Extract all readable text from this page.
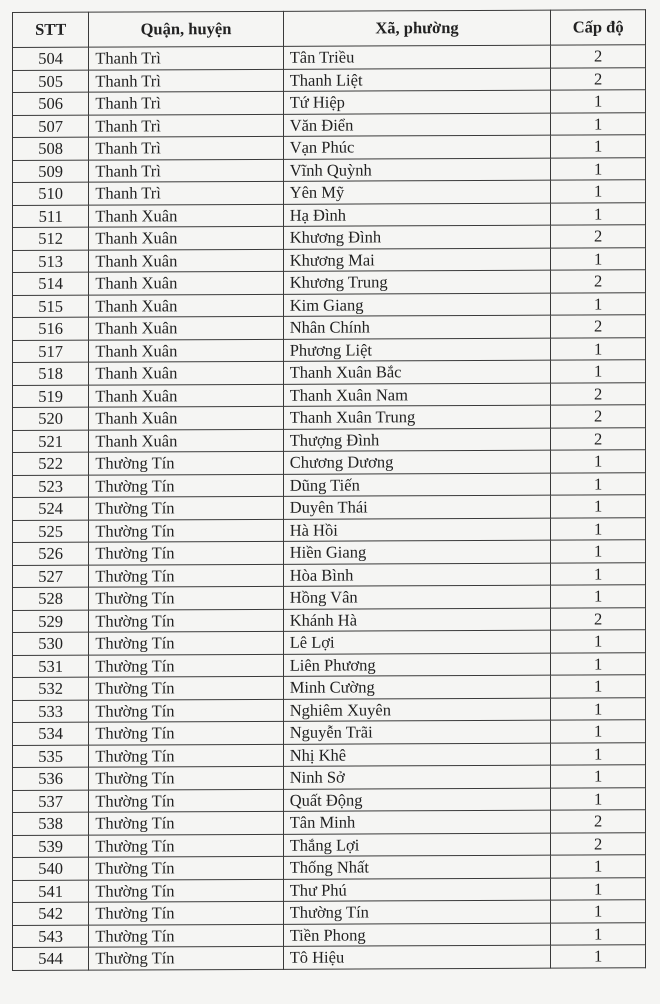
STT	Quận, huyện	Xã, phường	Cấp độ
504	Thanh Trì	Tân Triều	2
505	Thanh Trì	Thanh Liệt	2
506	Thanh Trì	Tứ Hiệp	1
507	Thanh Trì	Văn Điển	1
508	Thanh Trì	Vạn Phúc	1
509	Thanh Trì	Vĩnh Quỳnh	1
510	Thanh Trì	Yên Mỹ	1
511	Thanh Xuân	Hạ Đình	1
512	Thanh Xuân	Khương Đình	2
513	Thanh Xuân	Khương Mai	1
514	Thanh Xuân	Khương Trung	2
515	Thanh Xuân	Kim Giang	1
516	Thanh Xuân	Nhân Chính	2
517	Thanh Xuân	Phương Liệt	1
518	Thanh Xuân	Thanh Xuân Bắc	1
519	Thanh Xuân	Thanh Xuân Nam	2
520	Thanh Xuân	Thanh Xuân Trung	2
521	Thanh Xuân	Thượng Đình	2
522	Thường Tín	Chương Dương	1
523	Thường Tín	Dũng Tiến	1
524	Thường Tín	Duyên Thái	1
525	Thường Tín	Hà Hồi	1
526	Thường Tín	Hiền Giang	1
527	Thường Tín	Hòa Bình	1
528	Thường Tín	Hồng Vân	1
529	Thường Tín	Khánh Hà	2
530	Thường Tín	Lê Lợi	1
531	Thường Tín	Liên Phương	1
532	Thường Tín	Minh Cường	1
533	Thường Tín	Nghiêm Xuyên	1
534	Thường Tín	Nguyễn Trãi	1
535	Thường Tín	Nhị Khê	1
536	Thường Tín	Ninh Sở	1
537	Thường Tín	Quất Động	1
538	Thường Tín	Tân Minh	2
539	Thường Tín	Thắng Lợi	2
540	Thường Tín	Thống Nhất	1
541	Thường Tín	Thư Phú	1
542	Thường Tín	Thường Tín	1
543	Thường Tín	Tiền Phong	1
544	Thường Tín	Tô Hiệu	1
